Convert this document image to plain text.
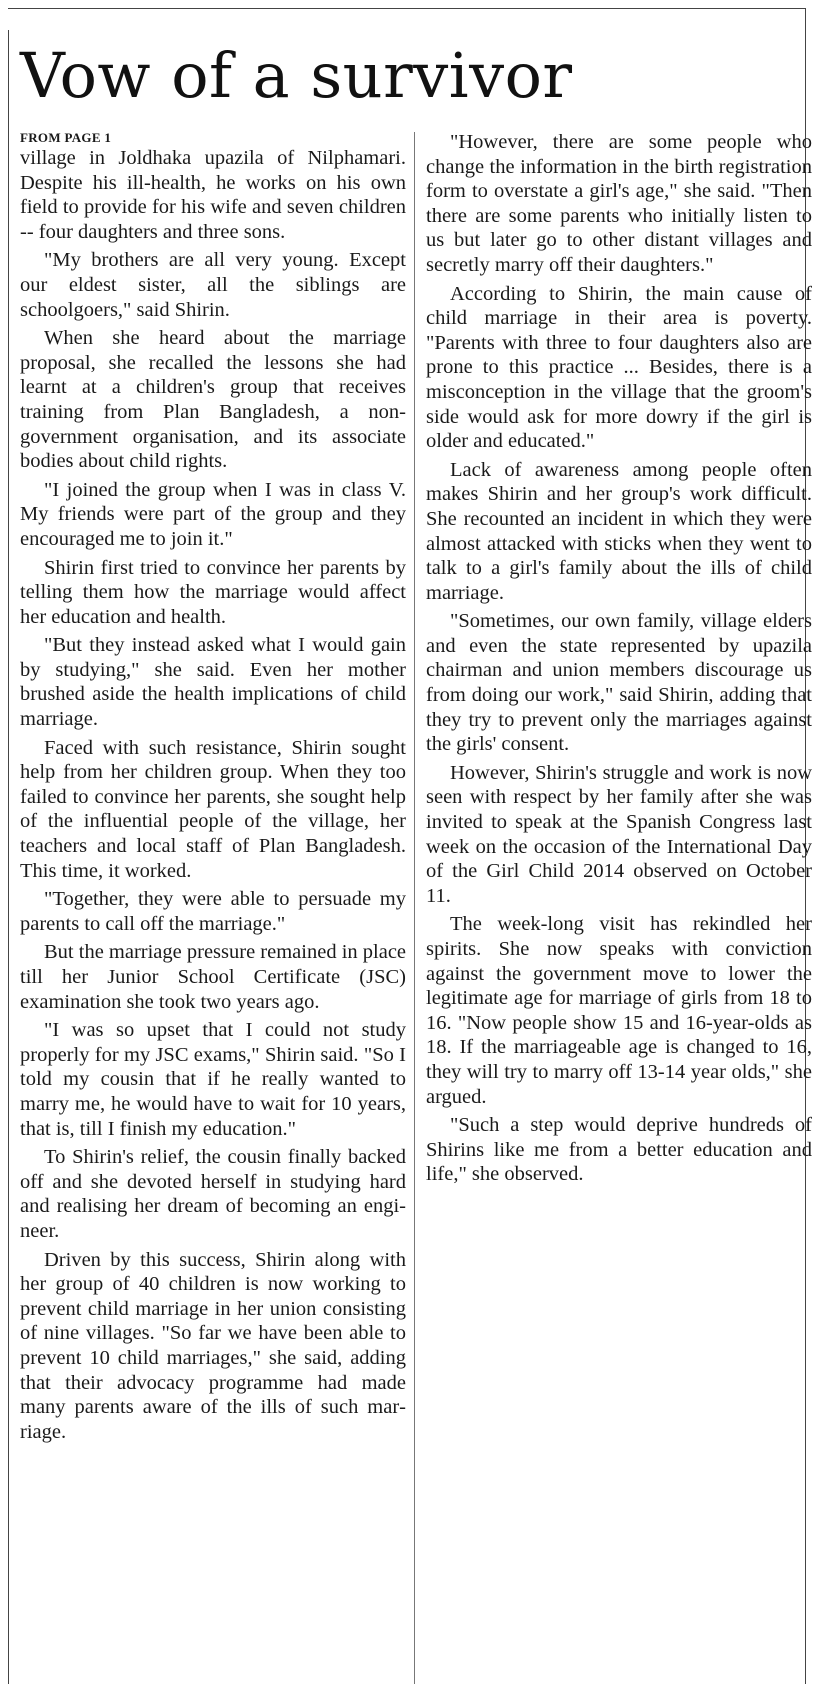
Vow of a survivor
FROM PAGE 1

village in Joldhaka upazila of Nilphamari. Despite his ill-health, he works on his own field to provide for his wife and seven children -- four daughters and three sons.

"My brothers are all very young. Except our eldest sister, all the siblings are schoolgoers," said Shirin.

When she heard about the marriage proposal, she recalled the lessons she had learnt at a children's group that receives training from Plan Bangladesh, a non-government organisation, and its associate bodies about child rights.

"I joined the group when I was in class V. My friends were part of the group and they encouraged me to join it."

Shirin first tried to convince her parents by telling them how the marriage would affect her education and health.

"But they instead asked what I would gain by studying," she said. Even her mother brushed aside the health implications of child marriage.

Faced with such resistance, Shirin sought help from her children group. When they too failed to convince her parents, she sought help of the influential people of the village, her teachers and local staff of Plan Bangladesh. This time, it worked.

"Together, they were able to persuade my parents to call off the marriage."

But the marriage pressure remained in place till her Junior School Certificate (JSC) examination she took two years ago.

"I was so upset that I could not study properly for my JSC exams," Shirin said. "So I told my cousin that if he really wanted to marry me, he would have to wait for 10 years, that is, till I finish my education."

To Shirin's relief, the cousin finally backed off and she devoted herself in studying hard and realising her dream of becoming an engineer.

Driven by this success, Shirin along with her group of 40 children is now working to prevent child marriage in her union consisting of nine villages. "So far we have been able to prevent 10 child marriages," she said, adding that their advocacy programme had made many parents aware of the ills of such marriage.

"However, there are some people who change the information in the birth registration form to overstate a girl's age," she said. "Then there are some parents who initially listen to us but later go to other distant villages and secretly marry off their daughters."

According to Shirin, the main cause of child marriage in their area is poverty. "Parents with three to four daughters also are prone to this practice ... Besides, there is a misconception in the village that the groom's side would ask for more dowry if the girl is older and educated."

Lack of awareness among people often makes Shirin and her group's work difficult. She recounted an incident in which they were almost attacked with sticks when they went to talk to a girl's family about the ills of child marriage.

"Sometimes, our own family, village elders and even the state represented by upazila chairman and union members discourage us from doing our work," said Shirin, adding that they try to prevent only the marriages against the girls' consent.

However, Shirin's struggle and work is now seen with respect by her family after she was invited to speak at the Spanish Congress last week on the occasion of the International Day of the Girl Child 2014 observed on October 11.

The week-long visit has rekindled her spirits. She now speaks with conviction against the government move to lower the legitimate age for marriage of girls from 18 to 16. "Now people show 15 and 16-year-olds as 18. If the marriageable age is changed to 16, they will try to marry off 13-14 year olds," she argued.

"Such a step would deprive hundreds of Shirins like me from a better education and life," she observed.
